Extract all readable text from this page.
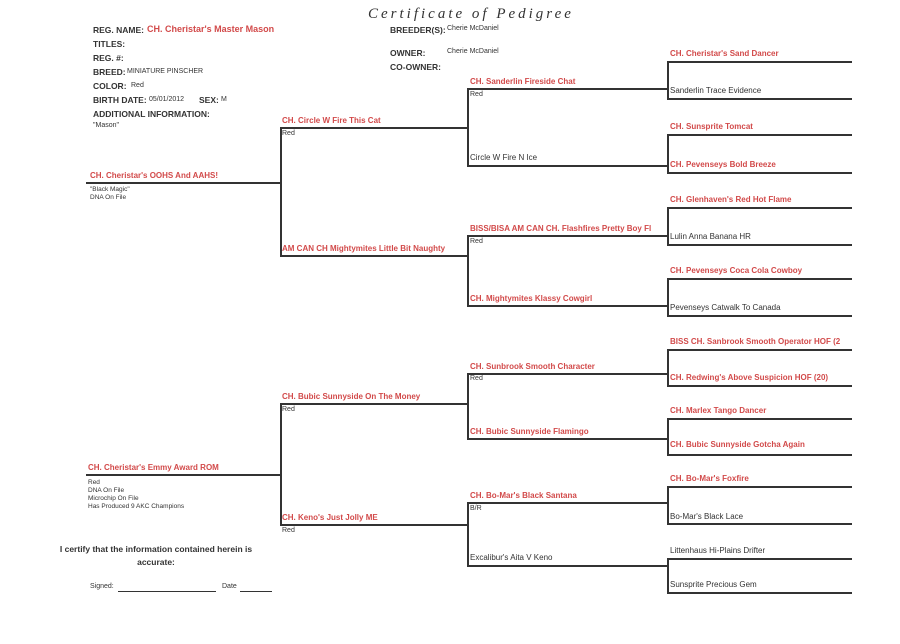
Certificate of Pedigree
REG. NAME: CH. Cheristar's Master Mason
TITLES:
REG. #:
BREED: MINIATURE PINSCHER
COLOR: Red
BIRTH DATE: 05/01/2012 SEX: M
ADDITIONAL INFORMATION:
"Mason"
BREEDER(S): Cherie McDaniel
OWNER:	Cherie McDaniel
CO-OWNER:
CH. Cheristar's OOHS And AAHS!
"Black Magic"
DNA On File
CH. Cheristar's Emmy Award ROM
Red
DNA On File
Microchip On File
Has Produced 9 AKC Champions
CH. Circle W Fire This Cat
Red
AM CAN CH Mightymites Little Bit Naughty
CH. Bubic Sunnyside On The Money
Red
CH. Keno's Just Jolly ME
Red
CH. Sanderlin Fireside Chat
Red
Circle W Fire N Ice
BISS/BISA AM CAN CH. Flashfires Pretty Boy Fl
Red
CH. Mightymites Klassy Cowgirl
CH. Sunbrook Smooth Character
Red
CH. Bubic Sunnyside Flamingo
CH. Bo-Mar's Black Santana
B/R
Excalibur's Aita V Keno
CH. Cheristar's Sand Dancer
Sanderlin Trace Evidence
CH. Sunsprite Tomcat
CH. Pevenseys Bold Breeze
CH. Glenhaven's Red Hot Flame
Lulin Anna Banana HR
CH. Pevenseys Coca Cola Cowboy
Pevenseys Catwalk To Canada
BISS CH. Sanbrook Smooth Operator HOF (2
CH. Redwing's Above Suspicion HOF (20)
CH. Marlex Tango Dancer
CH. Bubic Sunnyside Gotcha Again
CH. Bo-Mar's Foxfire
Bo-Mar's Black Lace
Littenhaus Hi-Plains Drifter
Sunsprite Precious Gem
I certify that the information contained herein is accurate:
Signed:	Date
